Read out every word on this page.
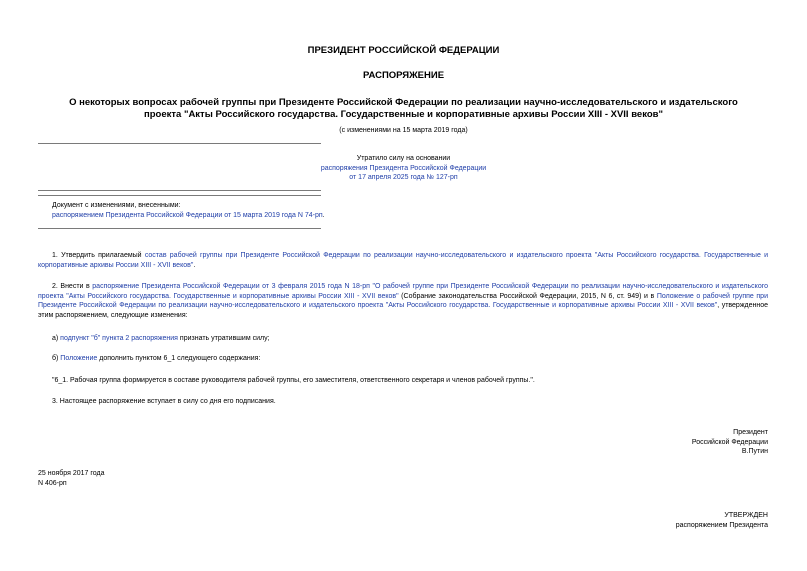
ПРЕЗИДЕНТ РОССИЙСКОЙ ФЕДЕРАЦИИ
РАСПОРЯЖЕНИЕ
О некоторых вопросах рабочей группы при Президенте Российской Федерации по реализации научно-исследовательского и издательского проекта "Акты Российского государства. Государственные и корпоративные архивы России XIII - XVII веков"
(с изменениями на 15 марта 2019 года)
Утратило силу на основании
распоряжения Президента Российской Федерации
от 17 апреля 2025 года № 127-рп
Документ с изменениями, внесенными:
распоряжением Президента Российской Федерации от 15 марта 2019 года N 74-рп.
1. Утвердить прилагаемый состав рабочей группы при Президенте Российской Федерации по реализации научно-исследовательского и издательского проекта "Акты Российского государства. Государственные и корпоративные архивы России XIII - XVII веков".
2. Внести в распоряжение Президента Российской Федерации от 3 февраля 2015 года N 18-рп "О рабочей группе при Президенте Российской Федерации по реализации научно-исследовательского и издательского проекта "Акты Российского государства. Государственные и корпоративные архивы России XIII - XVII веков" (Собрание законодательства Российской Федерации, 2015, N 6, ст. 949) и в Положение о рабочей группе при Президенте Российской Федерации по реализации научно-исследовательского и издательского проекта "Акты Российского государства. Государственные и корпоративные архивы России XIII - XVII веков", утвержденное этим распоряжением, следующие изменения:
а) подпункт "б" пункта 2 распоряжения признать утратившим силу;
б) Положение дополнить пунктом 6_1 следующего содержания:
"6_1. Рабочая группа формируется в составе руководителя рабочей группы, его заместителя, ответственного секретаря и членов рабочей группы.".
3. Настоящее распоряжение вступает в силу со дня его подписания.
Президент
Российской Федерации
В.Путин
25 ноября 2017 года
N 406-рп
УТВЕРЖДЕН
распоряжением Президента
